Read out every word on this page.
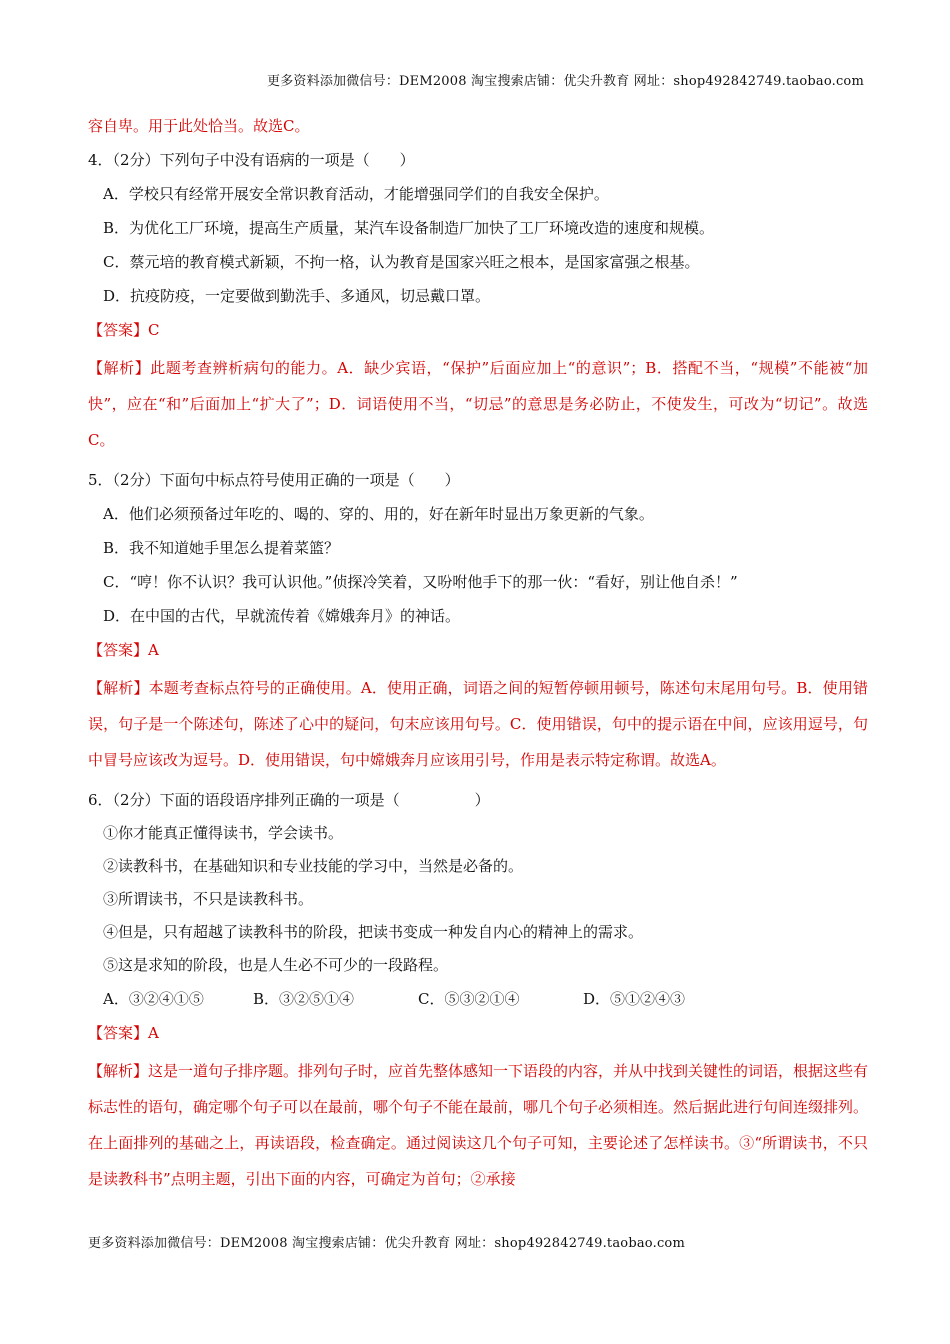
更多资料添加微信号：DEM2008 淘宝搜索店铺：优尖升教育 网址：shop492842749.taobao.com
容自卑。用于此处恰当。故选C。
4．（2分）下列句子中没有语病的一项是（　　）
A．学校只有经常开展安全常识教育活动，才能增强同学们的自我安全保护。
B．为优化工厂环境，提高生产质量，某汽车设备制造厂加快了工厂环境改造的速度和规模。
C．蔡元培的教育模式新颖，不拘一格，认为教育是国家兴旺之根本，是国家富强之根基。
D．抗疫防疫，一定要做到勤洗手、多通风，切忌戴口罩。
【答案】C
【解析】此题考查辨析病句的能力。A．缺少宾语，“保护”后面应加上“的意识”；B．搭配不当，“规模”不能被“加快”，应在“和”后面加上“扩大了”；D．词语使用不当，“切忌”的意思是务必防止，不使发生，可改为“切记”。故选C。
5．（2分）下面句中标点符号使用正确的一项是（　　）
A．他们必须预备过年吃的、喝的、穿的、用的，好在新年时显出万象更新的气象。
B．我不知道她手里怎么提着菜篮？
C．“哼！你不认识？我可认识他。”侦探冷笑着，又吩咐他手下的那一伙：“看好，别让他自杀！”
D．在中国的古代，早就流传着《嫦娥奔月》的神话。
【答案】A
【解析】本题考查标点符号的正确使用。A．使用正确，词语之间的短暂停顿用顿号，陈述句末尾用句号。B．使用错误，句子是一个陈述句，陈述了心中的疑问，句末应该用句号。C．使用错误，句中的提示语在中间，应该用逗号，句中冒号应该改为逗号。D．使用错误，句中嫦娥奔月应该用引号，作用是表示特定称谓。故选A。
6．（2分）下面的语段语序排列正确的一项是（　　　　　）
①你才能真正懂得读书，学会读书。
②读教科书，在基础知识和专业技能的学习中，当然是必备的。
③所谓读书，不只是读教科书。
④但是，只有超越了读教科书的阶段，把读书变成一种发自内心的精神上的需求。
⑤这是求知的阶段，也是人生必不可少的一段路程。
A．③②④①⑤	B．③②⑤①④	C．⑤③②①④	D．⑤①②④③
【答案】A
【解析】这是一道句子排序题。排列句子时，应首先整体感知一下语段的内容，并从中找到关键性的词语，根据这些有标志性的语句，确定哪个句子可以在最前，哪个句子不能在最前，哪几个句子必须相连。然后据此进行句间连缀排列。在上面排列的基础之上，再读语段，检查确定。通过阅读这几个句子可知，主要论述了怎样读书。③“所谓读书，不只是读教科书”点明主题，引出下面的内容，可确定为首句；②承接
更多资料添加微信号：DEM2008 淘宝搜索店铺：优尖升教育 网址：shop492842749.taobao.com
